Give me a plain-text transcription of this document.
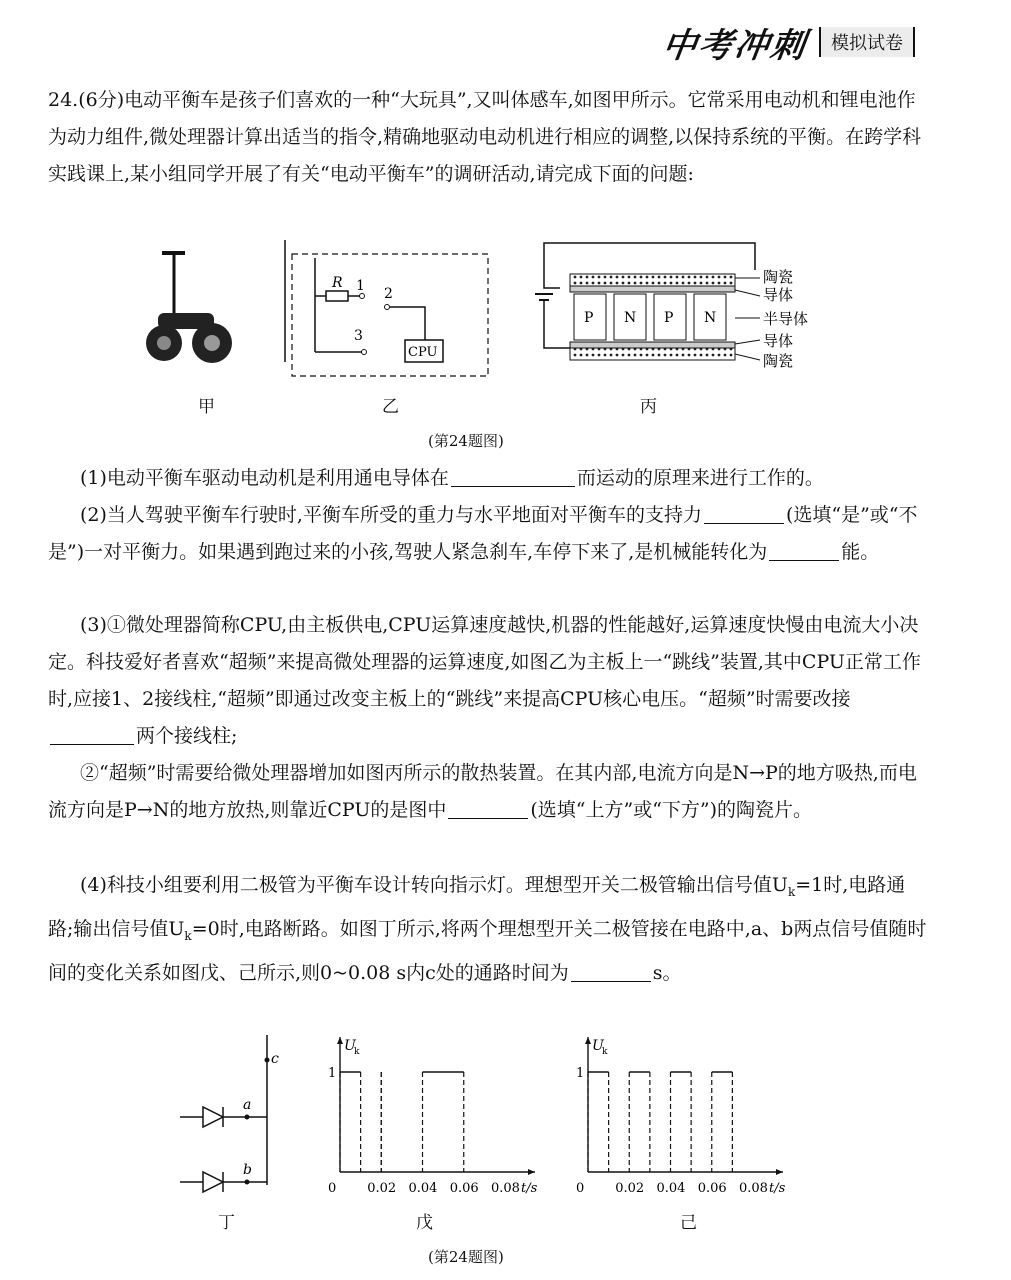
中考冲刺	模拟试卷

24.(6分)电动平衡车是孩子们喜欢的一种“大玩具”,又叫体感车,如图甲所示。它常采用电动机和锂电池作为动力组件,微处理器计算出适当的指令,精确地驱动电动机进行相应的调整,以保持系统的平衡。在跨学科实践课上,某小组同学开展了有关“电动平衡车”的调研活动,请完成下面的问题:

甲
R 1 2
3
CPU
乙
P N P N
陶瓷
导体
半导体
导体
陶瓷
丙
(第24题图)

(1)电动平衡车驱动电动机是利用通电导体在	而运动的原理来进行工作的。

(2)当人驾驶平衡车行驶时,平衡车所受的重力与水平地面对平衡车的支持力	(选填“是”或“不是”)一对平衡力。如果遇到跑过来的小孩,驾驶人紧急刹车,车停下来了,是机械能转化为	能。

(3)①微处理器简称CPU,由主板供电,CPU运算速度越快,机器的性能越好,运算速度快慢由电流大小决定。科技爱好者喜欢“超频”来提高微处理器的运算速度,如图乙为主板上一“跳线”装置,其中CPU正常工作时,应接1、2接线柱,“超频”即通过改变主板上的“跳线”来提高CPU核心电压。“超频”时需要改接两个接线柱;

②“超频”时需要给微处理器增加如图丙所示的散热装置。在其内部,电流方向是N→P的地方吸热,而电流方向是P→N的地方放热,则靠近CPU的是图中	(选填“上方”或“下方”)的陶瓷片。

(4)科技小组要利用二极管为平衡车设计转向指示灯。理想型开关二极管输出信号值$U_k=1$时,电路通路;输出信号值$U_k=0$时,电路断路。如图丁所示,将两个理想型开关二极管接在电路中,a、b两点信号值随时间的变化关系如图戊、己所示,则0~0.08 s内c处的通路时间为	s。

c
a
b
丁
U
k
t/s
0 0.02 0.04 0.06 0.08
1
戊
U
k
t/s
0 0.02 0.04 0.06 0.08
1
己
(第24题图)
